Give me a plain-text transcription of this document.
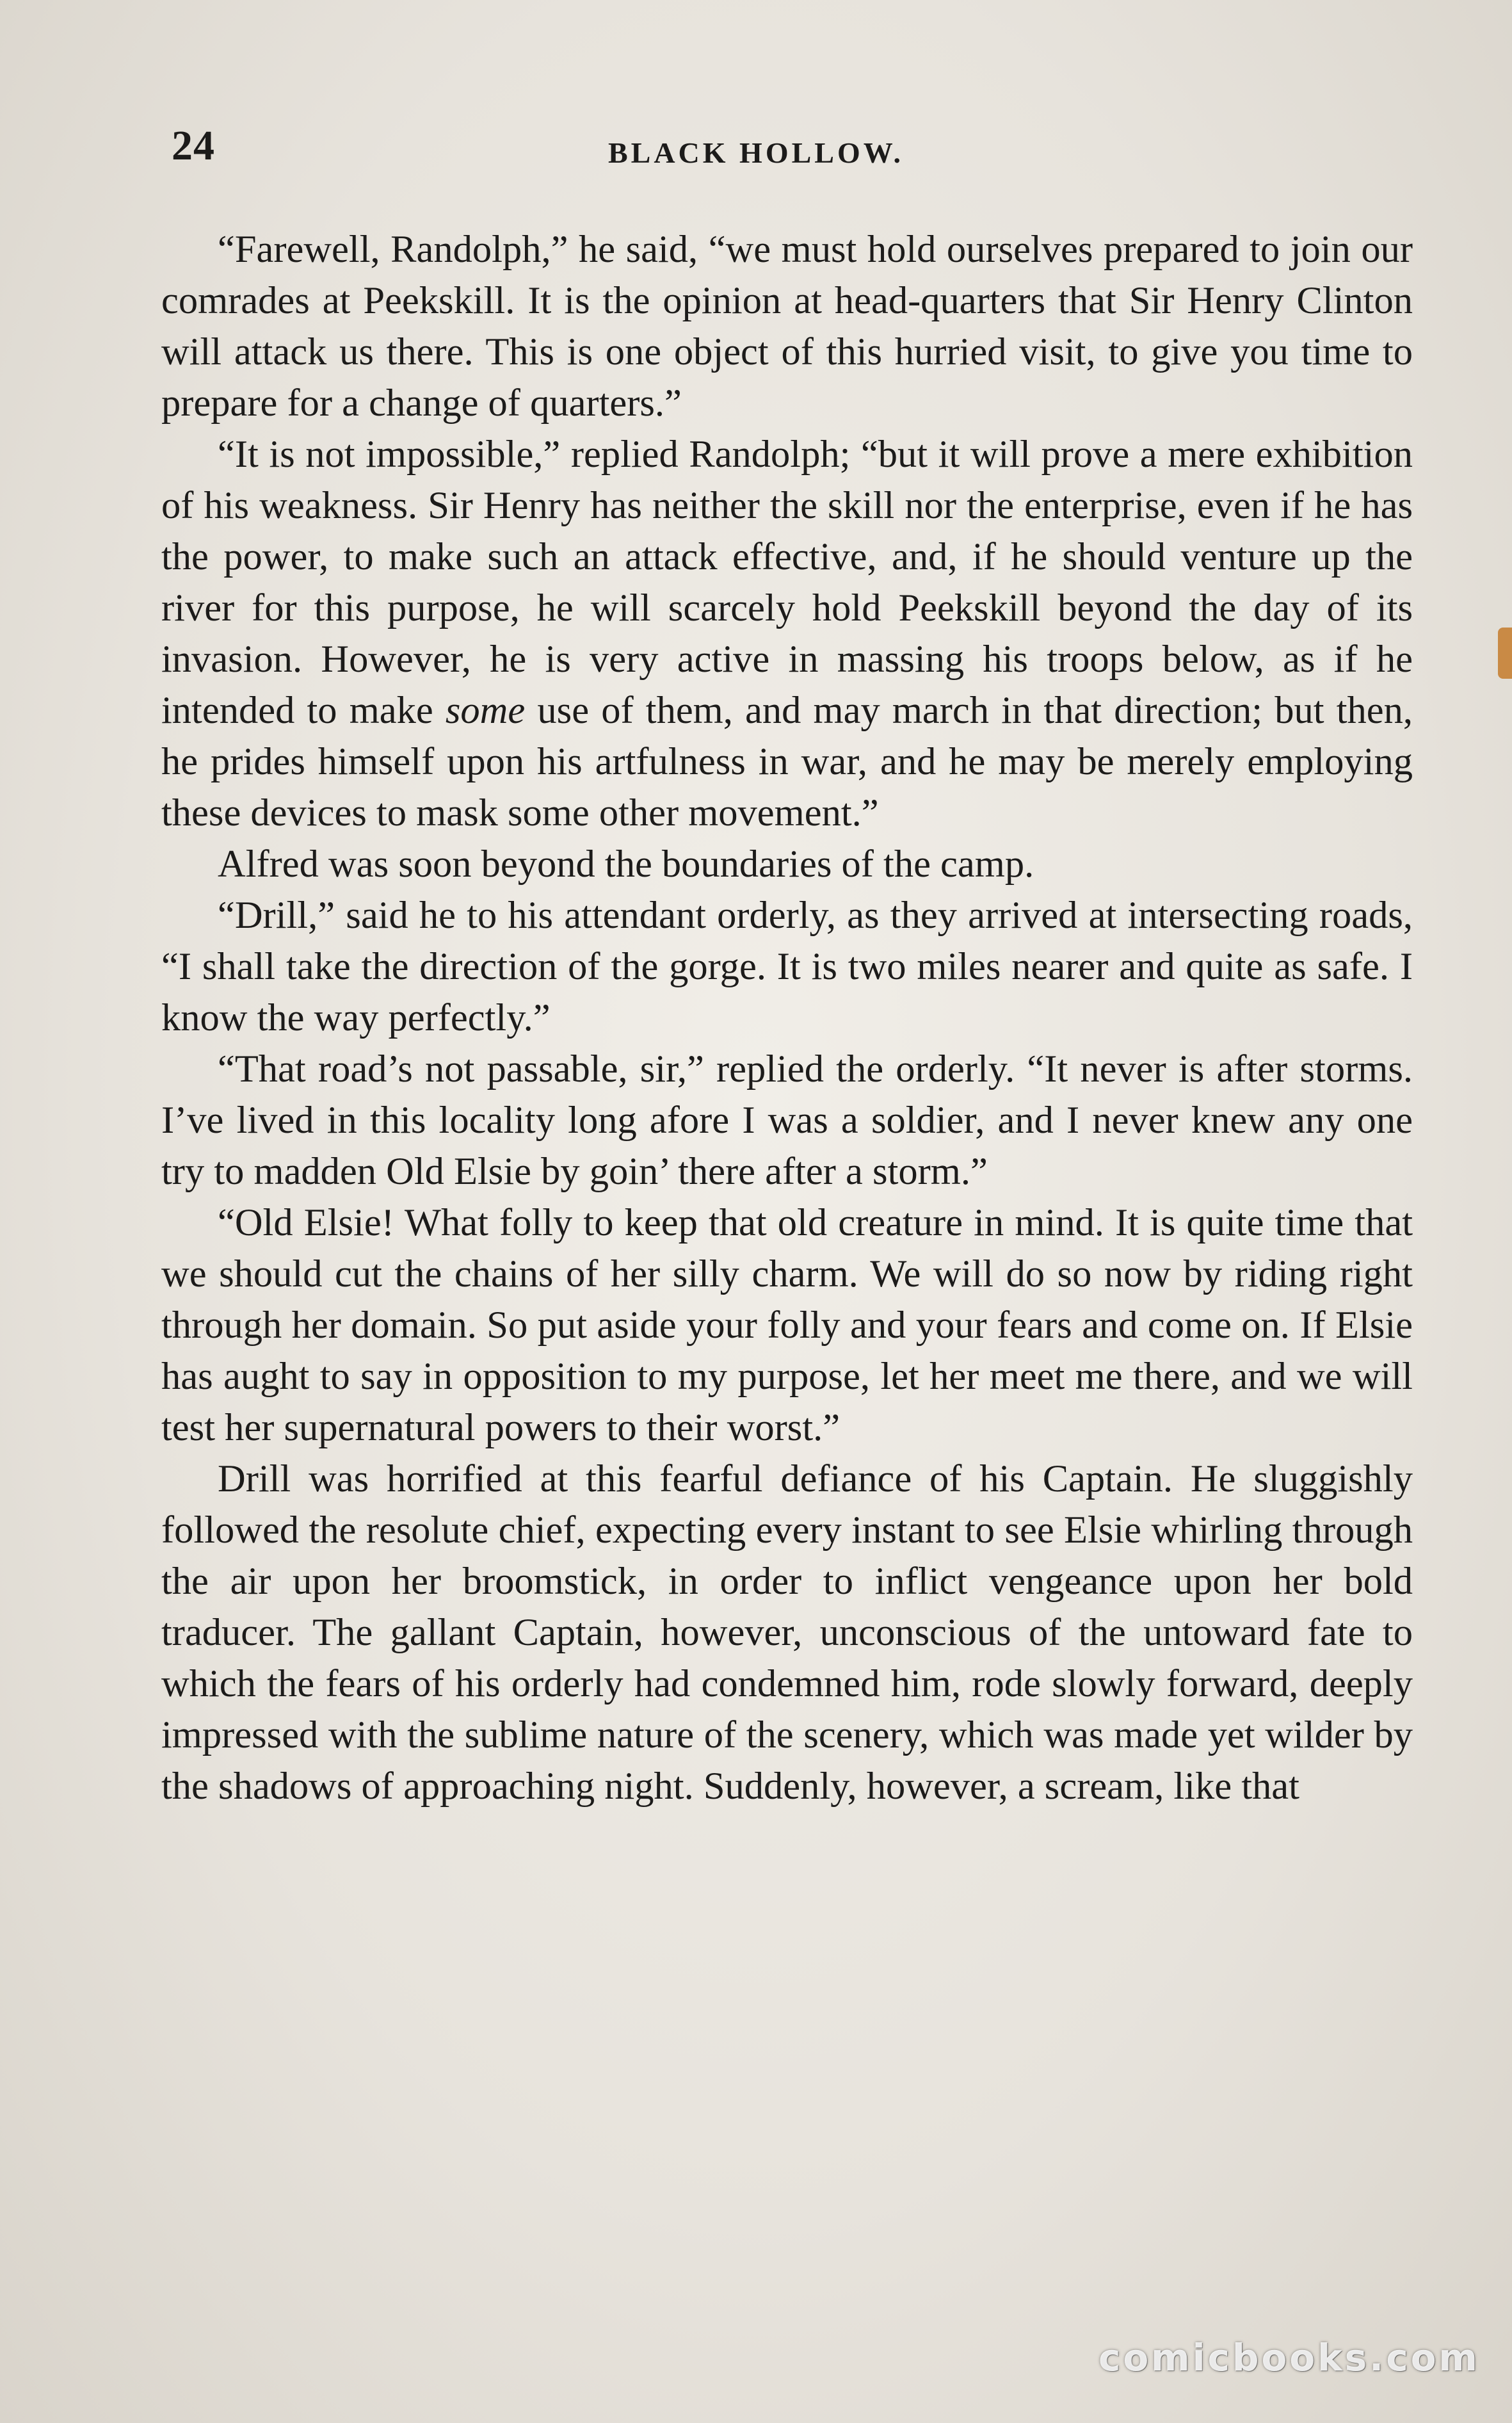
24	BLACK HOLLOW.

“Farewell, Randolph,” he said, “we must hold ourselves prepared to join our comrades at Peekskill. It is the opinion at head-quarters that Sir Henry Clinton will attack us there. This is one object of this hurried visit, to give you time to prepare for a change of quarters.”

“It is not impossible,” replied Randolph; “but it will prove a mere exhibition of his weakness. Sir Henry has neither the skill nor the enterprise, even if he has the power, to make such an attack effective, and, if he should venture up the river for this purpose, he will scarcely hold Peekskill beyond the day of its invasion. However, he is very active in massing his troops below, as if he intended to make some use of them, and may march in that direction; but then, he prides himself upon his artfulness in war, and he may be merely employing these devices to mask some other movement.”

Alfred was soon beyond the boundaries of the camp.

“Drill,” said he to his attendant orderly, as they arrived at intersecting roads, “I shall take the direction of the gorge. It is two miles nearer and quite as safe. I know the way perfectly.”

“That road’s not passable, sir,” replied the orderly. “It never is after storms. I’ve lived in this locality long afore I was a soldier, and I never knew any one try to madden Old Elsie by goin’ there after a storm.”

“Old Elsie! What folly to keep that old creature in mind. It is quite time that we should cut the chains of her silly charm. We will do so now by riding right through her domain. So put aside your folly and your fears and come on. If Elsie has aught to say in opposition to my purpose, let her meet me there, and we will test her supernatural powers to their worst.”

Drill was horrified at this fearful defiance of his Captain. He sluggishly followed the resolute chief, expecting every instant to see Elsie whirling through the air upon her broomstick, in order to inflict vengeance upon her bold traducer. The gallant Captain, however, unconscious of the untoward fate to which the fears of his orderly had condemned him, rode slowly forward, deeply impressed with the sublime nature of the scenery, which was made yet wilder by the shadows of approaching night. Suddenly, however, a scream, like that

comicbooks.com
